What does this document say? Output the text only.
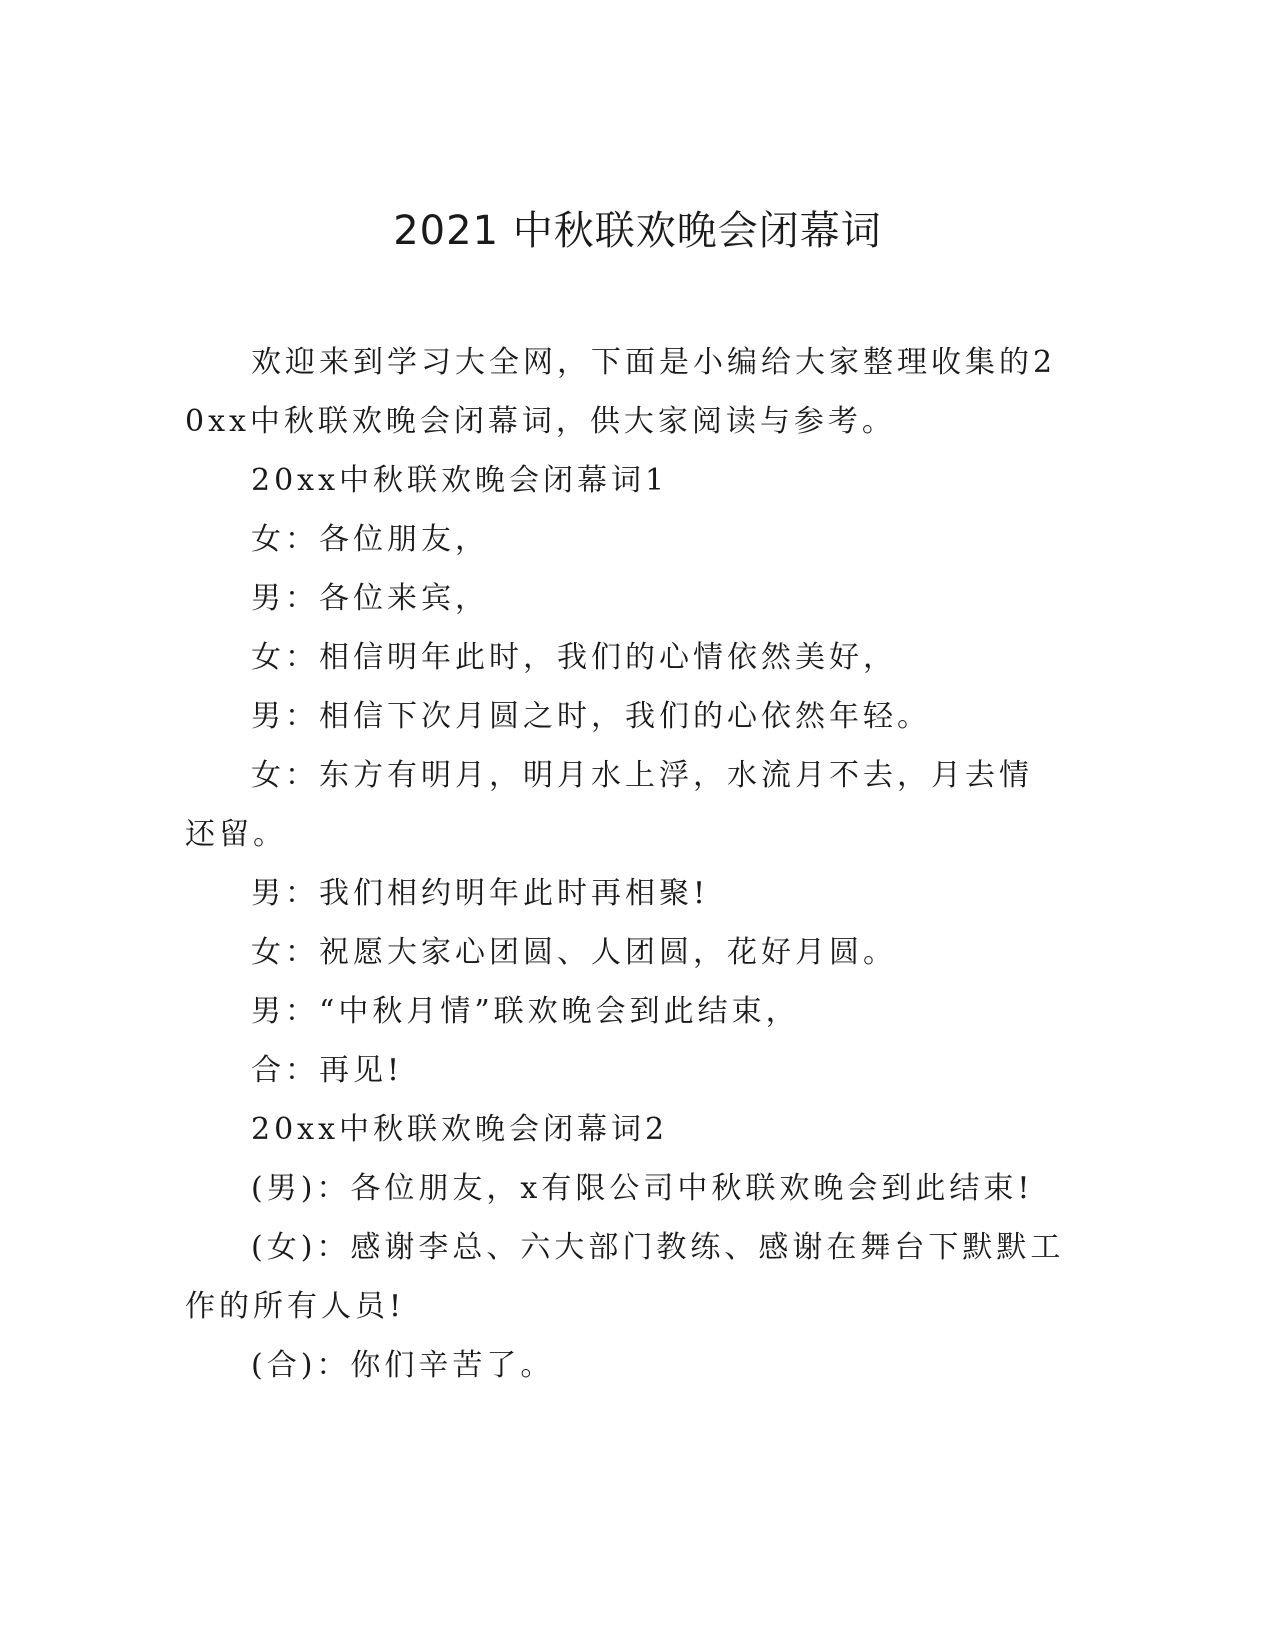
2021 中秋联欢晚会闭幕词

欢迎来到学习大全网，下面是小编给大家整理收集的20xx中秋联欢晚会闭幕词，供大家阅读与参考。

20xx中秋联欢晚会闭幕词1

女：各位朋友，

男：各位来宾，

女：相信明年此时，我们的心情依然美好，

男：相信下次月圆之时，我们的心依然年轻。

女：东方有明月，明月水上浮，水流月不去，月去情还留。

男：我们相约明年此时再相聚!

女：祝愿大家心团圆、人团圆，花好月圆。

男：“中秋月情”联欢晚会到此结束，

合：再见!

20xx中秋联欢晚会闭幕词2

(男)：各位朋友，x有限公司中秋联欢晚会到此结束!

(女)：感谢李总、六大部门教练、感谢在舞台下默默工作的所有人员!

(合)：你们辛苦了。
